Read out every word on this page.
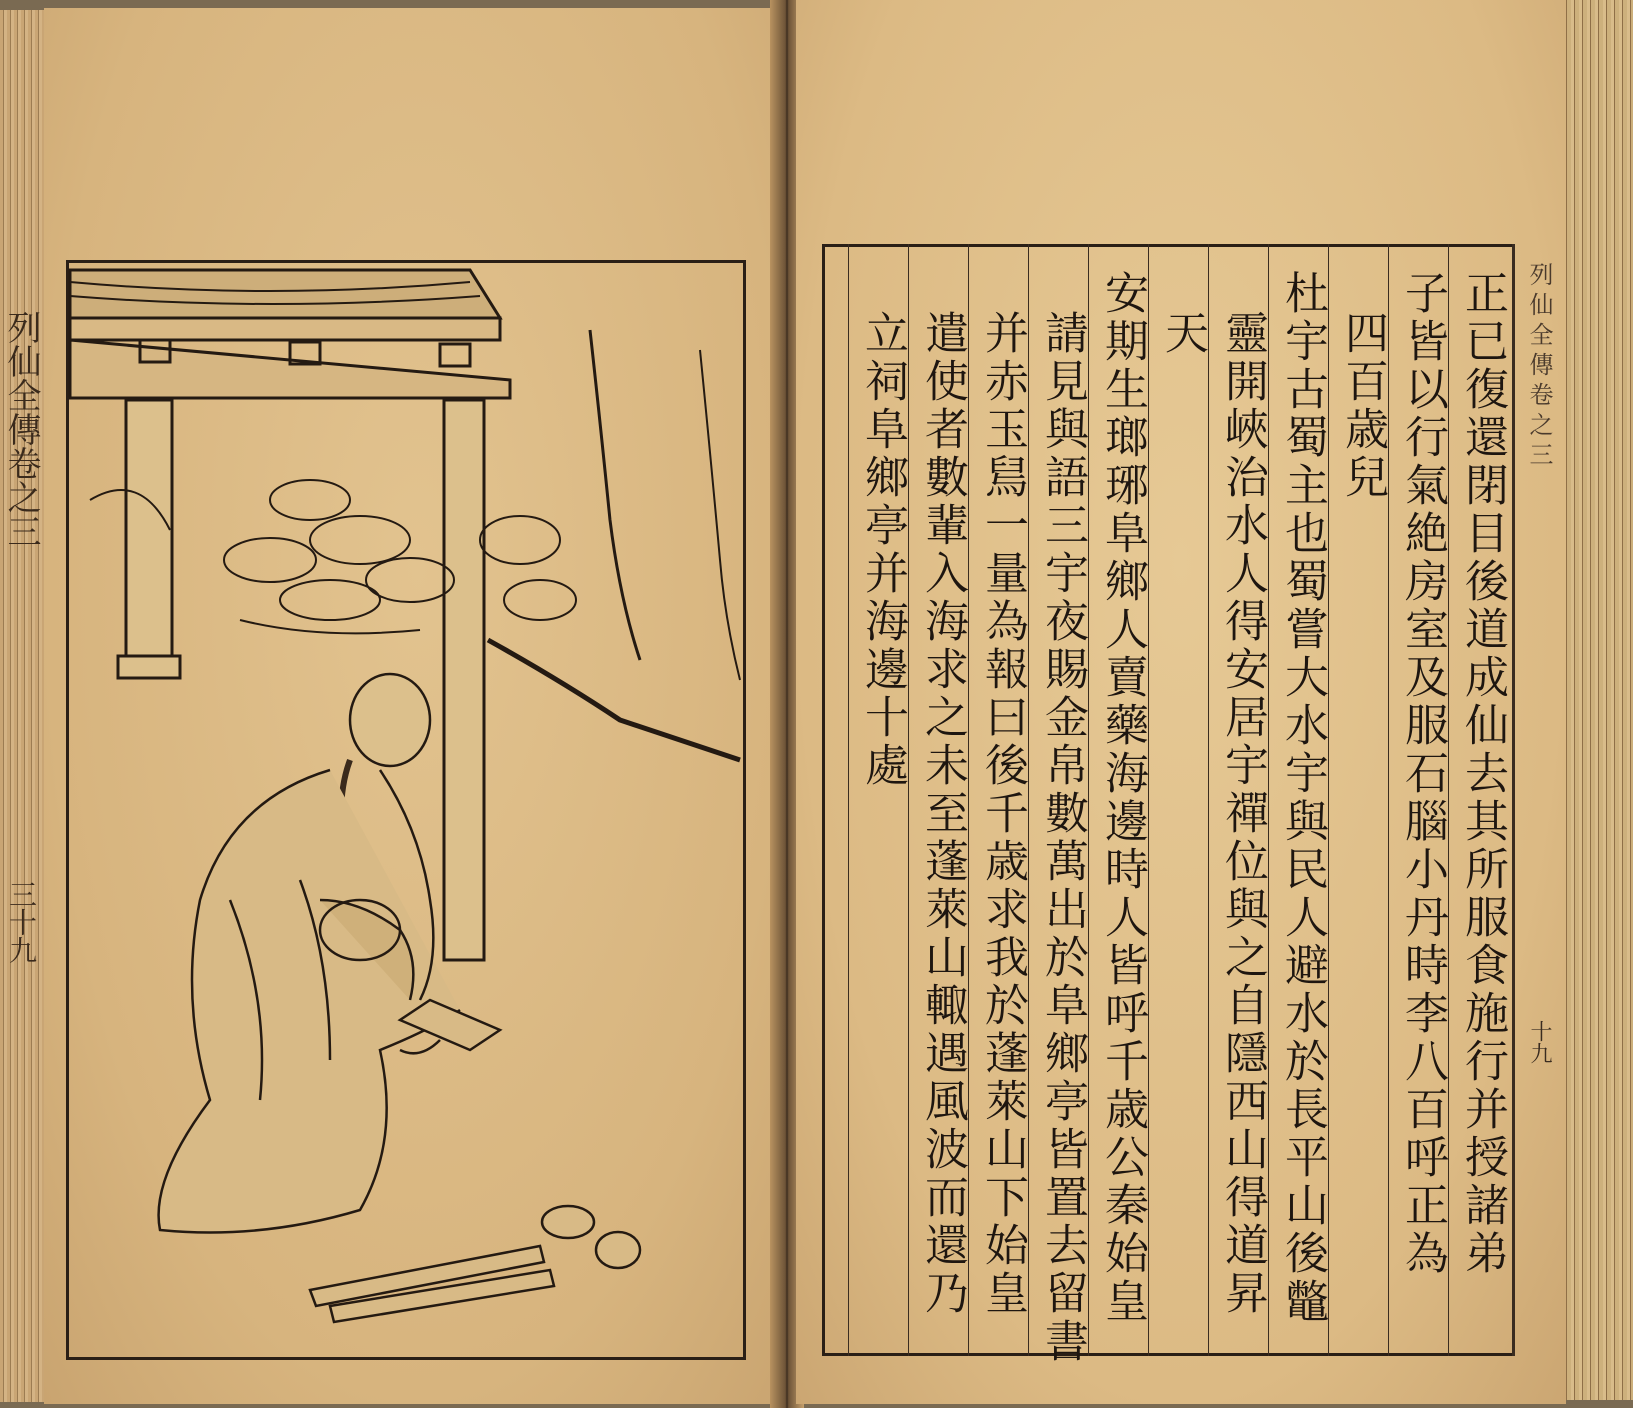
列仙全傳卷之三
三十九
列仙全傳卷之三
十九
正已復還閉目後道成仙去其所服食施行并授諸弟
子皆以行氣絶房室及服石腦小丹時李八百呼正為
四百歳兒
杜宇古蜀主也蜀嘗大水宇與民人避水於長平山後鼈
靈開峽治水人得安居宇禪位與之自隱西山得道昇
天
安期生瑯琊阜鄉人賣藥海邊時人皆呼千歳公秦始皇
請見與語三宇夜賜金帛數萬出於阜鄉亭皆置去留書
并赤玉舃一量為報曰後千歳求我於蓬萊山下始皇
遣使者數輩入海求之未至蓬萊山輙遇風波而還乃
立祠阜鄉亭并海邊十處
